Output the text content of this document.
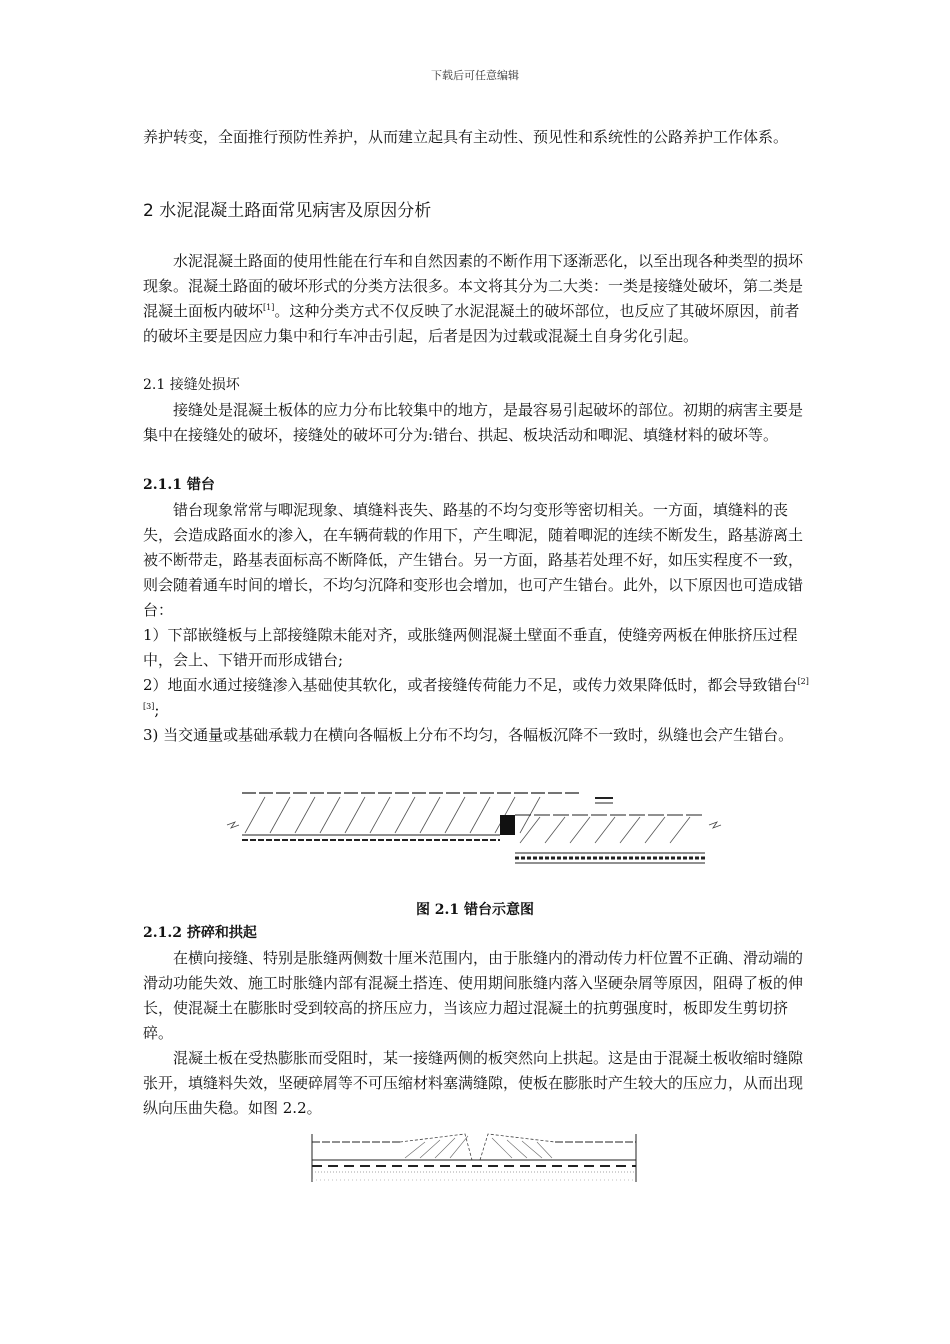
下载后可任意编辑

养护转变，全面推行预防性养护，从而建立起具有主动性、预见性和系统性的公路养护工作体系。

2 水泥混凝土路面常见病害及原因分析

水泥混凝土路面的使用性能在行车和自然因素的不断作用下逐渐恶化，以至出现各种类型的损坏现象。混凝土路面的破坏形式的分类方法很多。本文将其分为二大类：一类是接缝处破坏，第二类是混凝土面板内破坏[1]。这种分类方式不仅反映了水泥混凝土的破坏部位，也反应了其破坏原因，前者的破坏主要是因应力集中和行车冲击引起，后者是因为过载或混凝土自身劣化引起。

2.1 接缝处损坏

接缝处是混凝土板体的应力分布比较集中的地方，是最容易引起破坏的部位。初期的病害主要是集中在接缝处的破坏，接缝处的破坏可分为:错台、拱起、板块活动和唧泥、填缝材料的破坏等。

2.1.1 错台

错台现象常常与唧泥现象、填缝料丧失、路基的不均匀变形等密切相关。一方面，填缝料的丧失，会造成路面水的渗入，在车辆荷载的作用下，产生唧泥，随着唧泥的连续不断发生，路基游离土被不断带走，路基表面标高不断降低，产生错台。另一方面，路基若处理不好，如压实程度不一致，则会随着通车时间的增长，不均匀沉降和变形也会增加，也可产生错台。此外，以下原因也可造成错台：

1）下部嵌缝板与上部接缝隙未能对齐，或胀缝两侧混凝土壁面不垂直，使缝旁两板在伸胀挤压过程中，会上、下错开而形成错台;

2）地面水通过接缝渗入基础使其软化，或者接缝传荷能力不足，或传力效果降低时，都会导致错台[2][3];

3) 当交通量或基础承载力在横向各幅板上分布不均匀，各幅板沉降不一致时，纵缝也会产生错台。

图 2.1 错台示意图

2.1.2 挤碎和拱起

在横向接缝、特别是胀缝两侧数十厘米范围内，由于胀缝内的滑动传力杆位置不正确、滑动端的滑动功能失效、施工时胀缝内部有混凝土搭连、使用期间胀缝内落入坚硬杂屑等原因，阻碍了板的伸长，使混凝土在膨胀时受到较高的挤压应力，当该应力超过混凝土的抗剪强度时，板即发生剪切挤碎。

混凝土板在受热膨胀而受阻时，某一接缝两侧的板突然向上拱起。这是由于混凝土板收缩时缝隙张开，填缝料失效，坚硬碎屑等不可压缩材料塞满缝隙，使板在膨胀时产生较大的压应力，从而出现纵向压曲失稳。如图 2.2。
